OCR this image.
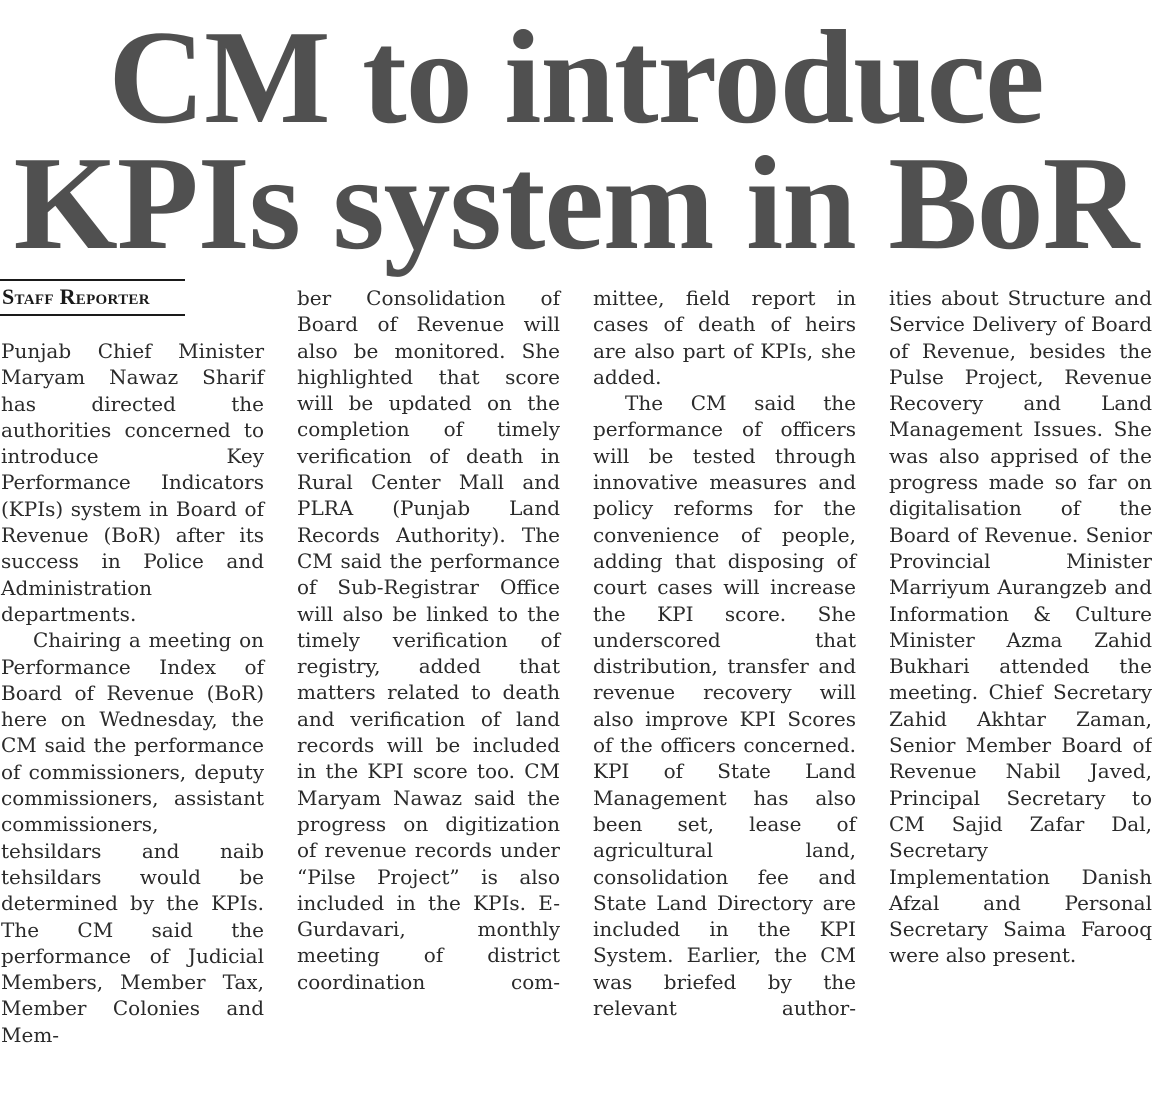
CM to introduce
KPIs system in BoR
Staff Reporter

Punjab Chief Minister Maryam Nawaz Sharif has directed the authorities concerned to introduce Key Performance Indicators (KPIs) system in Board of Revenue (BoR) after its success in Police and Administration departments.

Chairing a meeting on Performance Index of Board of Revenue (BoR) here on Wednesday, the CM said the performance of commissioners, deputy commissioners, assistant commissioners, tehsildars and naib tehsildars would be determined by the KPIs. The CM said the performance of Judicial Members, Member Tax, Member Colonies and Mem-

ber Consolidation of Board of Revenue will also be monitored. She highlighted that score will be updated on the completion of timely verification of death in Rural Center Mall and PLRA (Punjab Land Records Authority). The CM said the performance of Sub-Registrar Office will also be linked to the timely verification of registry, added that matters related to death and verification of land records will be included in the KPI score too. CM Maryam Nawaz said the progress on digitization of revenue records under “Pilse Project” is also included in the KPIs. E-Gurdavari, monthly meeting of district coordination com-

mittee, field report in cases of death of heirs are also part of KPIs, she added.

The CM said the performance of officers will be tested through innovative measures and policy reforms for the convenience of people, adding that disposing of court cases will increase the KPI score. She underscored that distribution, transfer and revenue recovery will also improve KPI Scores of the officers concerned. KPI of State Land Management has also been set, lease of agricultural land, consolidation fee and State Land Directory are included in the KPI System. Earlier, the CM was briefed by the relevant author-

ities about Structure and Service Delivery of Board of Revenue, besides the Pulse Project, Revenue Recovery and Land Management Issues. She was also apprised of the progress made so far on digitalisation of the Board of Revenue. Senior Provincial Minister Marriyum Aurangzeb and Information & Culture Minister Azma Zahid Bukhari attended the meeting. Chief Secretary Zahid Akhtar Zaman, Senior Member Board of Revenue Nabil Javed, Principal Secretary to CM Sajid Zafar Dal, Secretary Implementation Danish Afzal and Personal Secretary Saima Farooq were also present.
